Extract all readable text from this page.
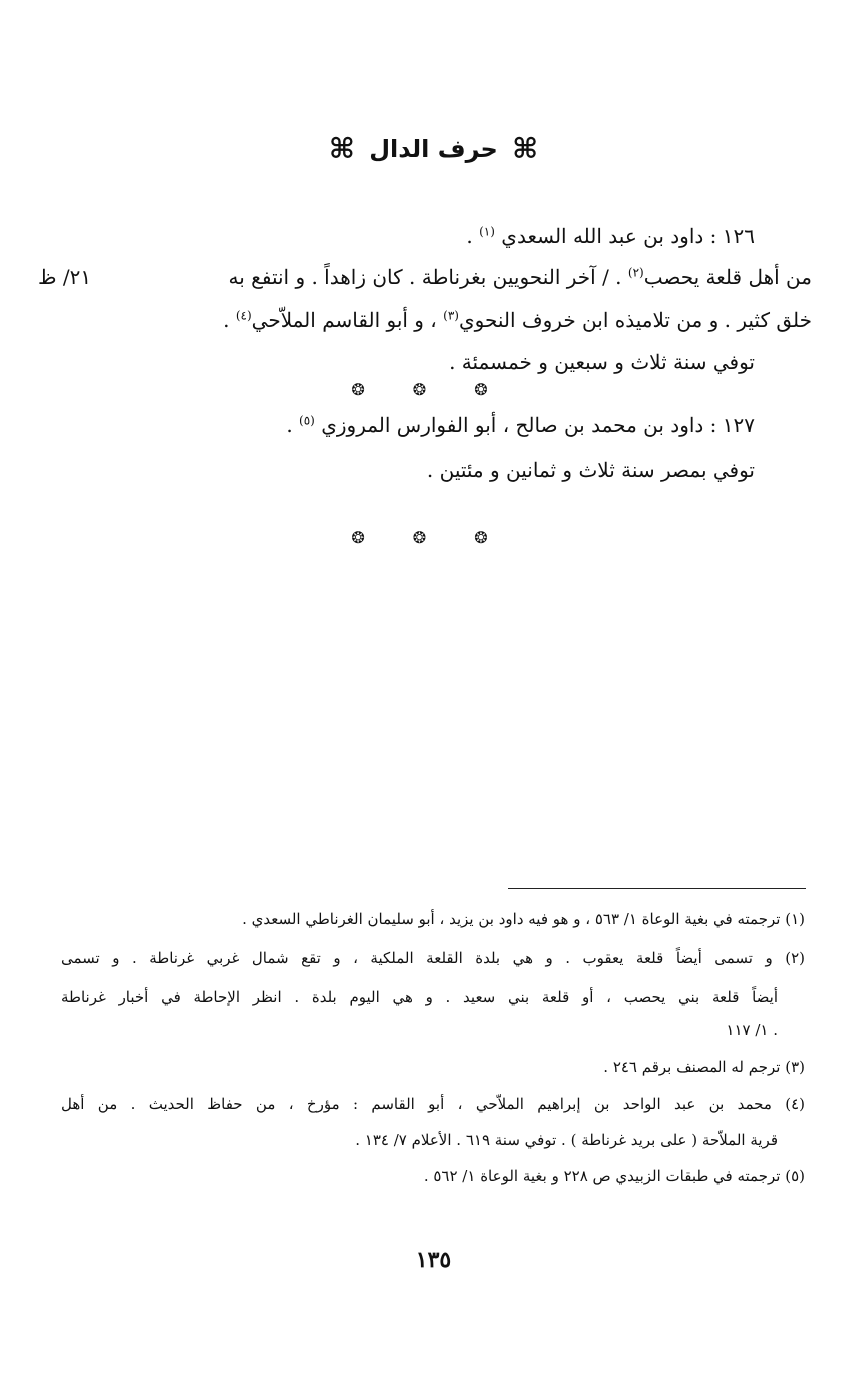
⌘ حرف الدال ⌘
١٢٦ : داود بن عبد الله السعدي $^{(١)}$ .
من أهل قلعة يحصب$^{(٢)}$ . / آخر النحويين بغرناطة . كان زاهداً . و انتفع به
٢١/ ظ
خلق كثير . و من تلاميذه ابن خروف النحوي$^{(٣)}$ ، و أبو القاسم الملاّحي$^{(٤)}$ .
توفي سنة ثلاث و سبعين و خمسمئة .
❂ ❂ ❂
١٢٧ : داود بن محمد بن صالح ، أبو الفوارس المروزي $^{(٥)}$ .
توفي بمصر سنة ثلاث و ثمانين و مئتين .
❂ ❂ ❂
(١) ترجمته في بغية الوعاة ١/ ٥٦٣ ، و هو فيه داود بن يزيد ، أبو سليمان الغرناطي السعدي .
(٢) و تسمى أيضاً قلعة يعقوب . و هي بلدة القلعة الملكية ، و تقع شمال غربي غرناطة . و تسمى
أيضاً قلعة بني يحصب ، أو قلعة بني سعيد . و هي اليوم بلدة . انظر الإحاطة في أخبار غرناطة
١/ ١١٧ .
(٣) ترجم له المصنف برقم ٢٤٦ .
(٤) محمد بن عبد الواحد بن إبراهيم الملاّحي ، أبو القاسم : مؤرخ ، من حفاظ الحديث . من أهل
قرية الملاّحة ( على بريد غرناطة ) . توفي سنة ٦١٩ . الأعلام ٧/ ١٣٤ .
(٥) ترجمته في طبقات الزبيدي ص ٢٢٨ و بغية الوعاة ١/ ٥٦٢ .
١٣٥
